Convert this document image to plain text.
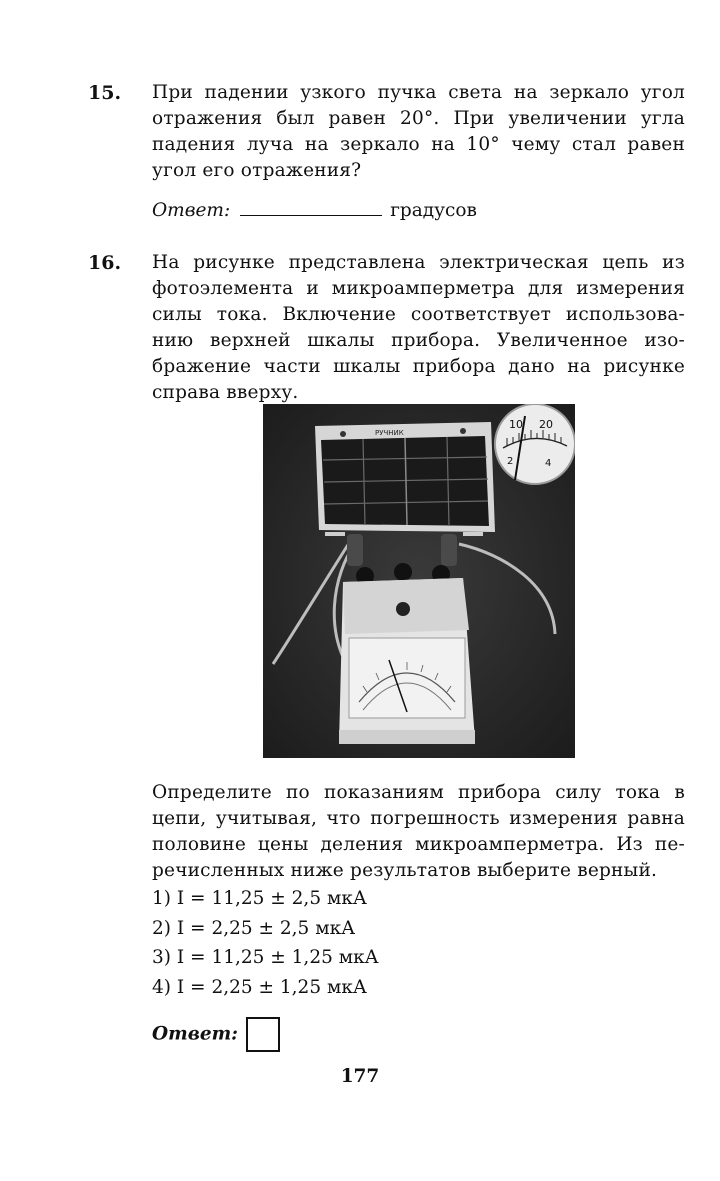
15. При падении узкого пучка света на зеркало угол
отражения был равен 20°. При увеличении угла
падения луча на зеркало на 10° чему стал равен
угол его отражения?
Ответ:	градусов
16. На рисунке представлена электрическая цепь из
фотоэлемента и микроамперметра для измерения
силы тока. Включение соответствует использова-
нию верхней шкалы прибора. Увеличенное изо-
бражение части шкалы прибора дано на рисунке
справа вверху.
РУЧНИК
10 20
2	4
Определите по показаниям прибора силу тока в
цепи, учитывая, что погрешность измерения равна
половине цены деления микроамперметра. Из пе-
речисленных ниже результатов выберите верный.
1) I = 11,25 ± 2,5 мкА
2) I = 2,25 ± 2,5 мкА
3) I = 11,25 ± 1,25 мкА
4) I = 2,25 ± 1,25 мкА
Ответ:
177
